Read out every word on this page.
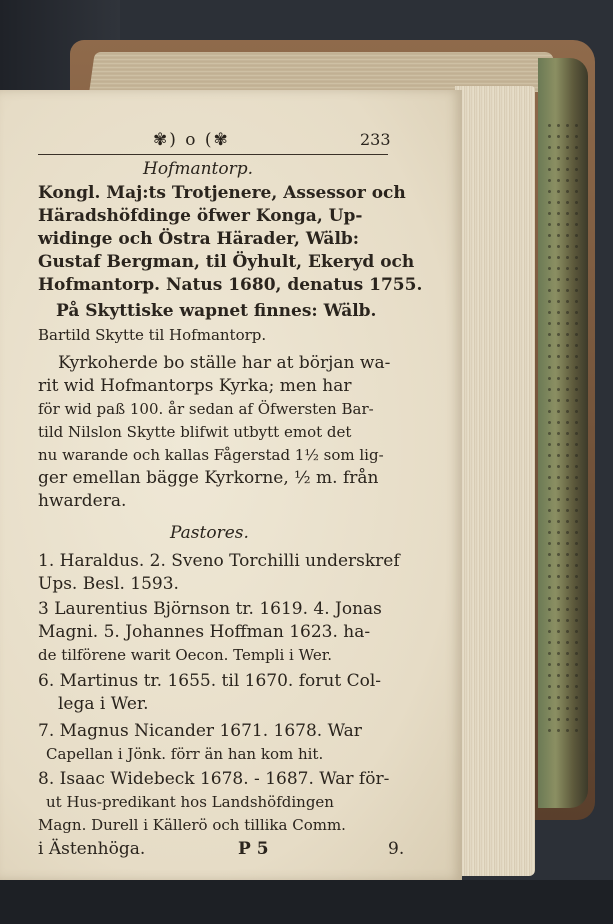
✾) o (✾	233
Hofmantorp.
Kongl. Maj:ts Trotjenere, Assessor och
Häradshöfdinge öfwer Konga, Up-
widinge och Östra Härader, Wälb:
Gustaf Bergman, til Öyhult, Ekeryd och
Hofmantorp. Natus 1680, denatus 1755.
På Skyttiske wapnet finnes: Wälb.
Bartild Skytte til Hofmantorp.
Kyrkoherde bo ställe har at början wa-
rit wid Hofmantorps Kyrka; men har
för wid paß 100. år sedan af Öfwersten Bar-
tild Nilslon Skytte blifwit utbytt emot det
nu warande och kallas Fågerstad 1½ som lig-
ger emellan bägge Kyrkorne, ½ m. från
hwardera.
Pastores.
1. Haraldus. 2. Sveno Torchilli underskref
Ups. Besl. 1593.
3 Laurentius Björnson tr. 1619. 4. Jonas
Magni. 5. Johannes Hoffman 1623. ha-
de tilförene warit Oecon. Templi i Wer.
6. Martinus tr. 1655. til 1670. forut Col-
lega i Wer.
7. Magnus Nicander 1671. 1678. War
Capellan i Jönk. förr än han kom hit.
8. Isaac Widebeck 1678. - 1687. War för-
ut Hus-predikant hos Landshöfdingen
Magn. Durell i Källerö och tillika Comm.
i Ästenhöga.	P 5	9.
